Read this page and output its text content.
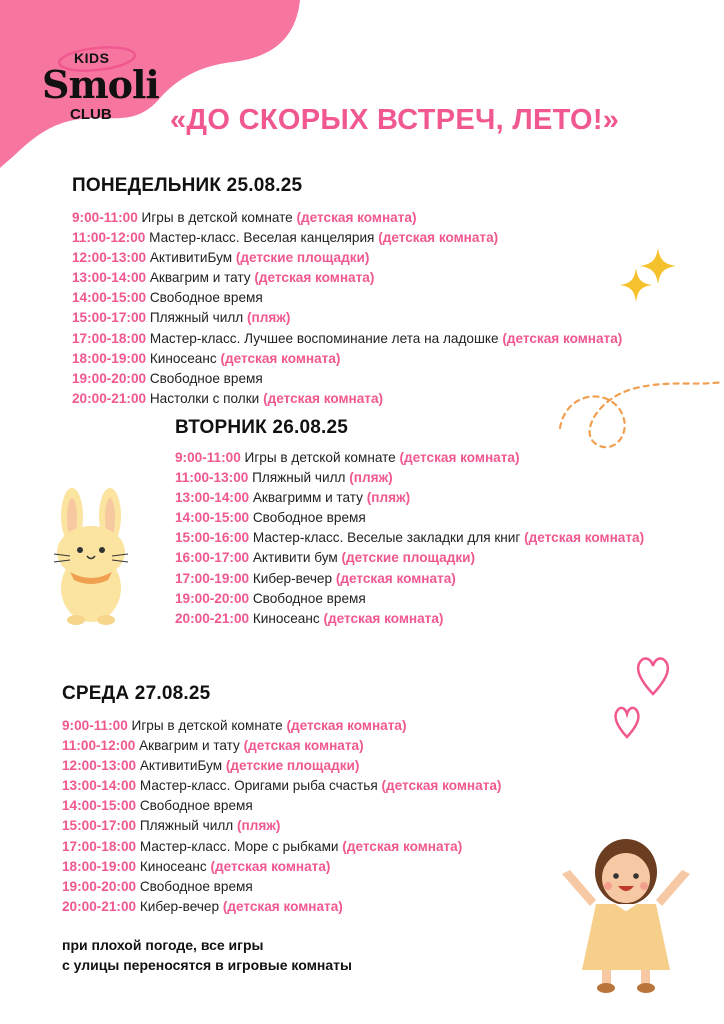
KIDS
Smoli
CLUB «ДО СКОРЫХ ВСТРЕЧ, ЛЕТО!»
ПОНЕДЕЛЬНИК 25.08.25
9:00-11:00 Игры в детской комнате (детская комната)
11:00-12:00 Мастер-класс. Веселая канцелярия (детская комната)
12:00-13:00 АктивитиБум (детские площадки)
13:00-14:00 Аквагрим и тату (детская комната)
14:00-15:00 Свободное время
15:00-17:00 Пляжный чилл (пляж)
17:00-18:00 Мастер-класс. Лучшее воспоминание лета на ладошке (детская комната)
18:00-19:00 Киносеанс (детская комната)
19:00-20:00 Свободное время
20:00-21:00 Настолки с полки (детская комната)
ВТОРНИК 26.08.25
9:00-11:00 Игры в детской комнате (детская комната)
11:00-13:00 Пляжный чилл (пляж)
13:00-14:00 Аквагримм и тату (пляж)
14:00-15:00 Свободное время
15:00-16:00 Мастер-класс. Веселые закладки для книг (детская комната)
16:00-17:00 Активити бум (детские площадки)
17:00-19:00 Кибер-вечер (детская комната)
19:00-20:00 Свободное время
20:00-21:00 Киносеанс (детская комната)
СРЕДА 27.08.25
9:00-11:00 Игры в детской комнате (детская комната)
11:00-12:00 Аквагрим и тату (детская комната)
12:00-13:00 АктивитиБум (детские площадки)
13:00-14:00 Мастер-класс. Оригами рыба счастья (детская комната)
14:00-15:00 Свободное время
15:00-17:00 Пляжный чилл (пляж)
17:00-18:00 Мастер-класс. Море с рыбками (детская комната)
18:00-19:00 Киносеанс (детская комната)
19:00-20:00 Свободное время
20:00-21:00 Кибер-вечер (детская комната)
при плохой погоде, все игры
с улицы переносятся в игровые комнаты
